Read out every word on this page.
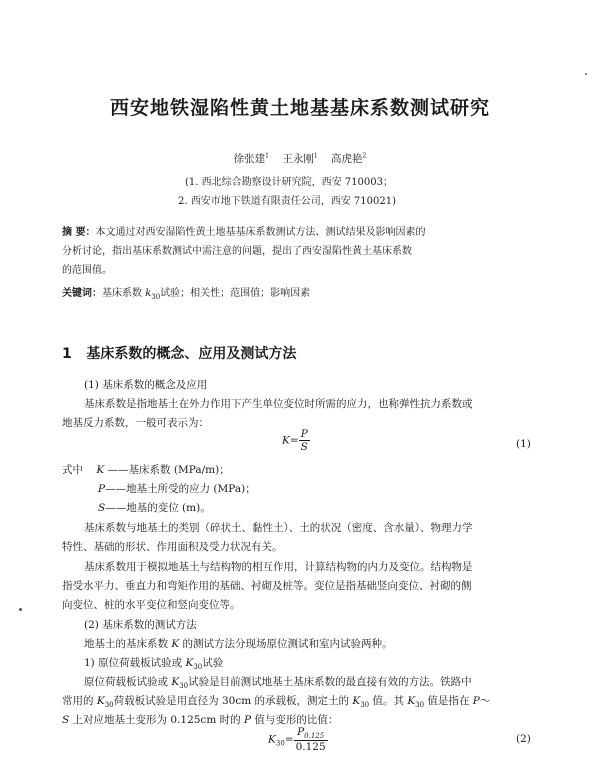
西安地铁湿陷性黄土地基基床系数测试研究
徐张建$^1$ 王永刚$^1$ 高虎艳$^2$
(1. 西北综合勘察设计研究院，西安 710003；
2. 西安市地下铁道有限责任公司，西安 710021)
摘 要：本文通过对西安湿陷性黄土地基基床系数测试方法、测试结果及影响因素的
分析讨论，指出基床系数测试中需注意的问题，提出了西安湿陷性黄土基床系数
的范围值。
关键词：基床系数 $k_{30}$试验；相关性；范围值；影响因素
1 基床系数的概念、应用及测试方法
(1) 基床系数的概念及应用
基床系数是指地基土在外力作用下产生单位变位时所需的应力，也称弹性抗力系数或
地基反力系数，一般可表示为：
$K= \frac{P}{S}$	(1)
式中 K ——基床系数 (MPa/m)；
P——地基土所受的应力 (MPa)；
S——地基的变位 (m)。
基床系数与地基土的类别（碎状土、黏性土）、土的状况（密度、含水量）、物理力学
特性、基础的形状、作用面积及受力状况有关。
基床系数用于模拟地基土与结构物的相互作用，计算结构物的内力及变位。结构物是
指受水平力、垂直力和弯矩作用的基础、衬砌及桩等。变位是指基础竖向变位、衬砌的侧
向变位、桩的水平变位和竖向变位等。
(2) 基床系数的测试方法
地基土的基床系数 K 的测试方法分现场原位测试和室内试验两种。
1) 原位荷载板试验或 $K_{30}$试验
原位荷载板试验或 $K_{30}$试验是目前测试地基土基床系数的最直接有效的方法。铁路中
常用的 $K_{30}$荷载板试验是用直径为 30cm 的承载板，测定土的 $K_{30}$ 值。其 $K_{30}$ 值是指在 P～
S 上对应地基土变形为 0.125cm 时的 P 值与变形的比值：
$K_{30}= \frac{P_{0.125}}{0.125}$	(2)
